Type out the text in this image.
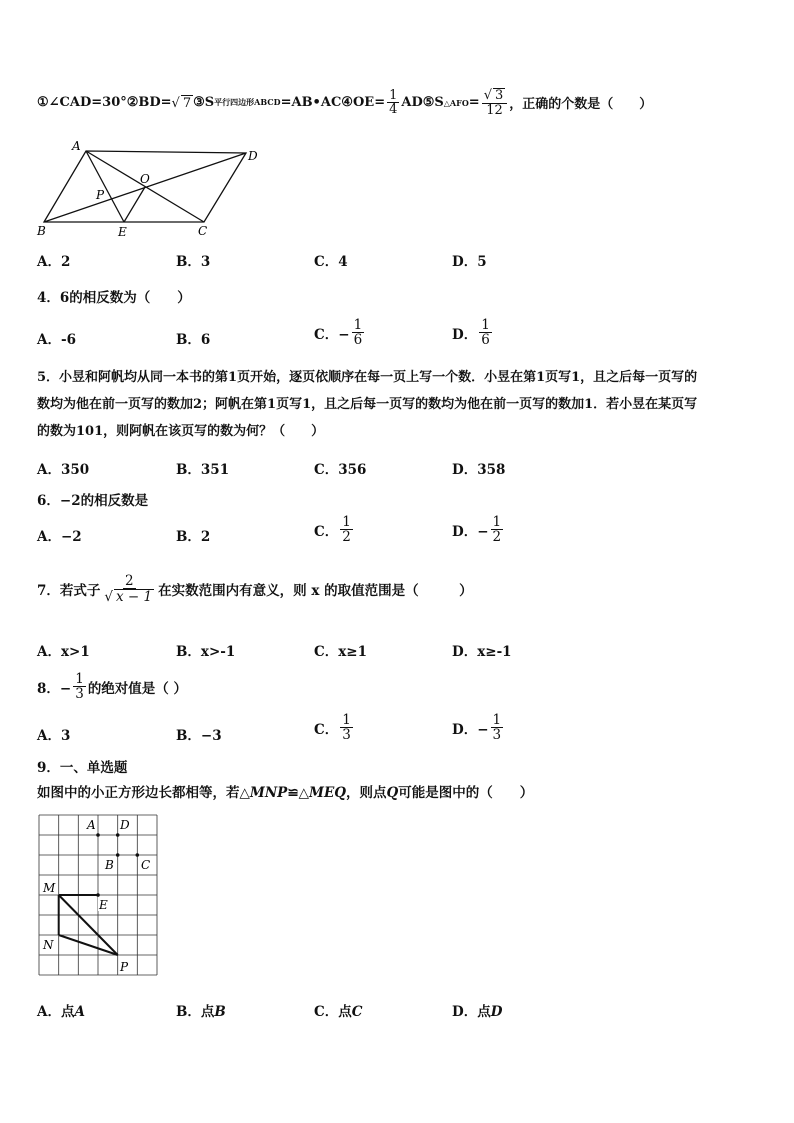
①∠CAD=30°②BD= √ 7 ③S 平行四边形ABCD =AB•AC④OE= $\frac{1}{4}$ AD⑤S △AFO = $\frac{√ 3}{12}$ ，正确的个数是（　　）
A
D
O
P
B	E	C
A．2	B．3	C．4	D．5
4．6的相反数为（　　）
A．-6	B．6	C．− $\frac{1}{6}$	D． $\frac{1}{6}$
5．小昱和阿帆均从同一本书的第1页开始，逐页依顺序在每一页上写一个数．小昱在第1页写1，且之后每一页写的
数均为他在前一页写的数加2；阿帆在第1页写1，且之后每一页写的数均为他在前一页写的数加1．若小昱在某页写
的数为101，则阿帆在该页写的数为何？（　　）
A．350	B．351	C．356	D．358
6．−2的相反数是
A．−2	B．2	C． $\frac{1}{2}$	D．− $\frac{1}{2}$
7．若式子 $\frac{2}{√ x - 1}$ 在实数范围内有意义，则 x 的取值范围是（　　　）
A．x>1	B．x>-1	C．x≥1	D．x≥-1
8．− $\frac{1}{3}$ 的绝对值是（ ）
A．3	B．−3	C． $\frac{1}{3}$	D．− $\frac{1}{3}$
9．一、单选题
如图中的小正方形边长都相等，若△MNP≌△MEQ，则点Q可能是图中的（　　）
A D
B C
M
E
N
P
A．点A	B．点B	C．点C	D．点D
